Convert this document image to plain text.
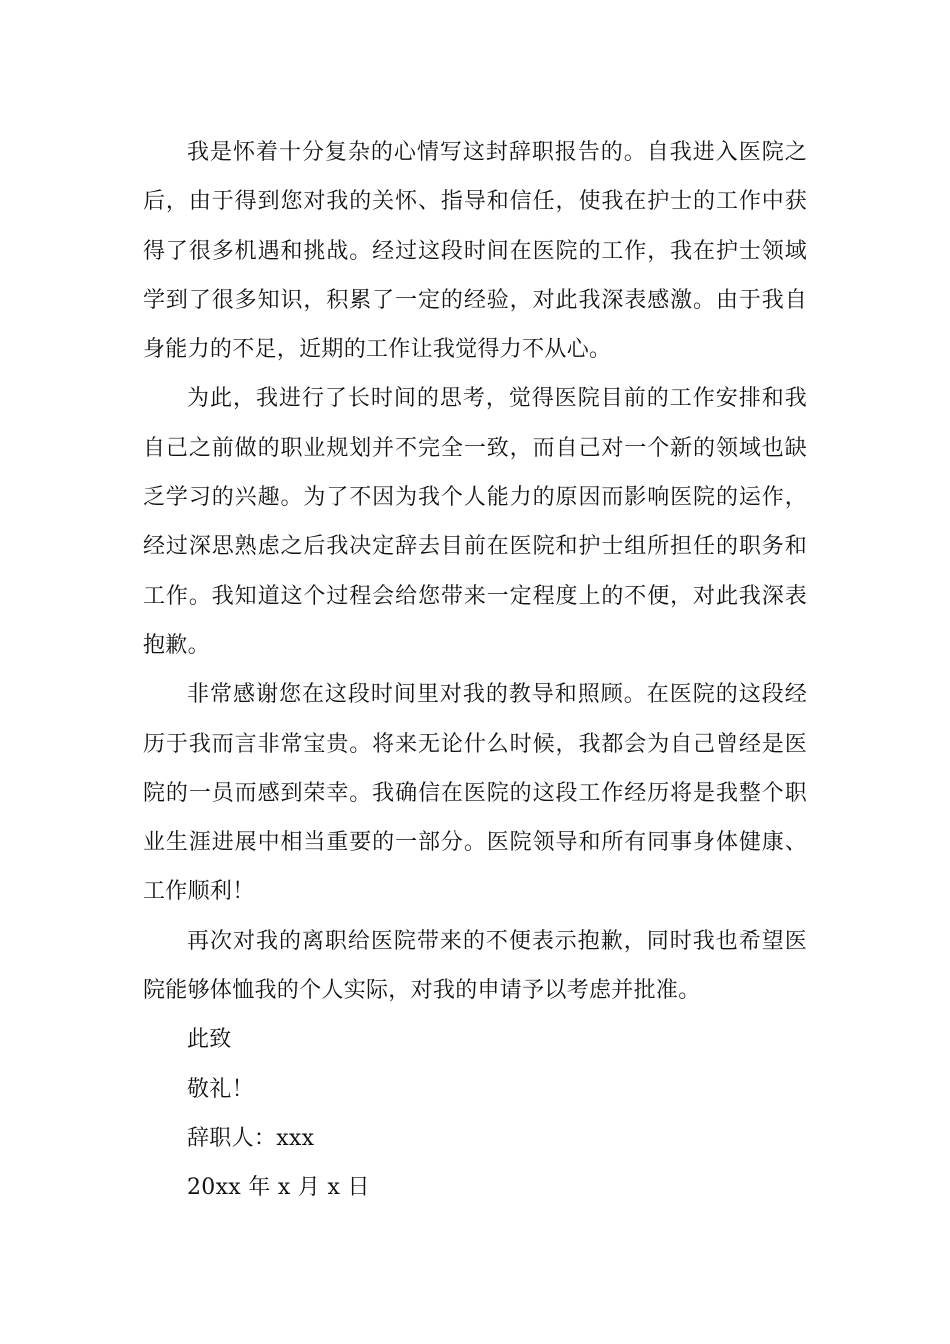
我是怀着十分复杂的心情写这封辞职报告的。自我进入医院之后，由于得到您对我的关怀、指导和信任，使我在护士的工作中获得了很多机遇和挑战。经过这段时间在医院的工作，我在护士领域学到了很多知识，积累了一定的经验，对此我深表感激。由于我自身能力的不足，近期的工作让我觉得力不从心。

为此，我进行了长时间的思考，觉得医院目前的工作安排和我自己之前做的职业规划并不完全一致，而自己对一个新的领域也缺乏学习的兴趣。为了不因为我个人能力的原因而影响医院的运作，经过深思熟虑之后我决定辞去目前在医院和护士组所担任的职务和工作。我知道这个过程会给您带来一定程度上的不便，对此我深表抱歉。

非常感谢您在这段时间里对我的教导和照顾。在医院的这段经历于我而言非常宝贵。将来无论什么时候，我都会为自己曾经是医院的一员而感到荣幸。我确信在医院的这段工作经历将是我整个职业生涯进展中相当重要的一部分。医院领导和所有同事身体健康、工作顺利！

再次对我的离职给医院带来的不便表示抱歉，同时我也希望医院能够体恤我的个人实际，对我的申请予以考虑并批准。

此致

敬礼！

辞职人：xxx

20xx 年 x 月 x 日
